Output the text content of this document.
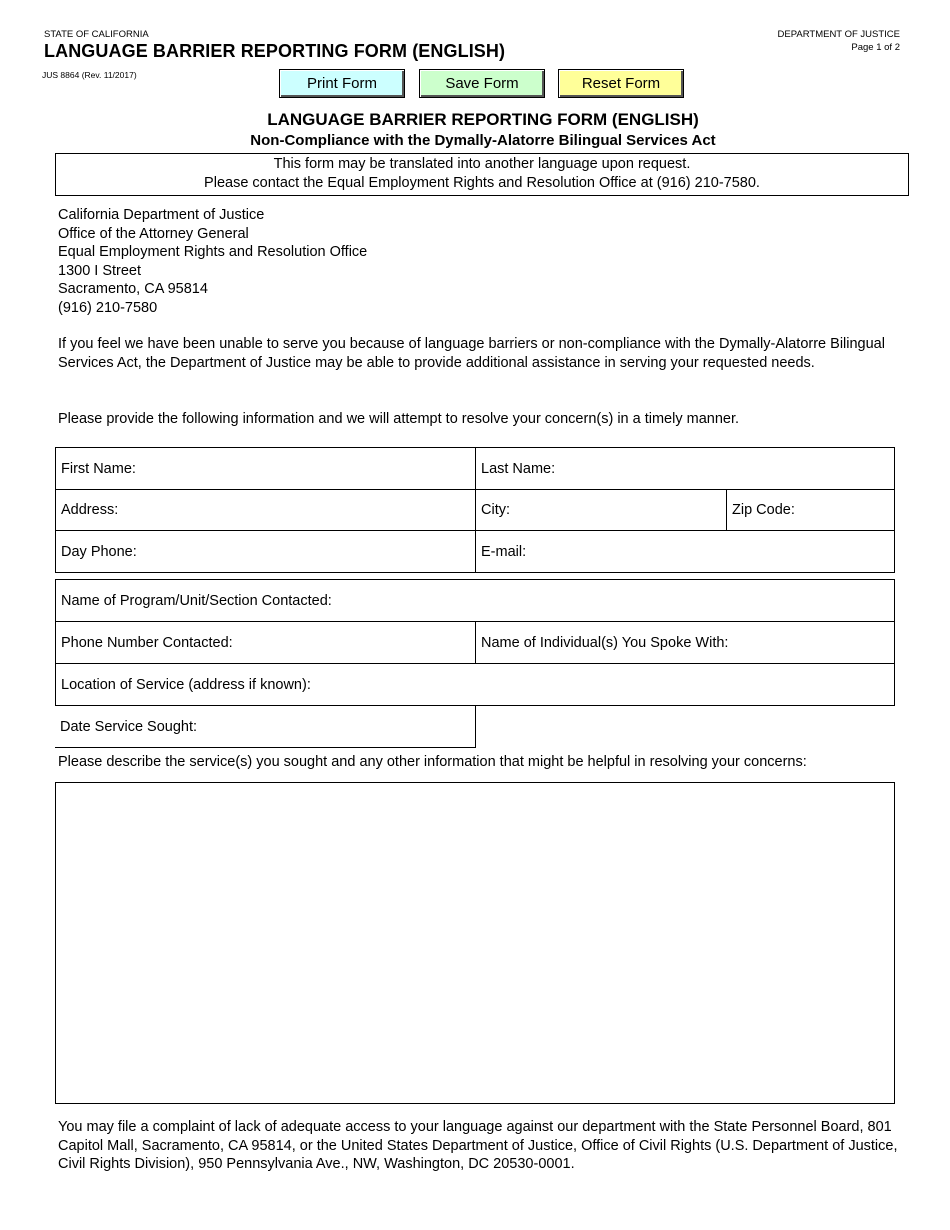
STATE OF CALIFORNIA
LANGUAGE BARRIER REPORTING FORM (ENGLISH)
JUS 8864 (Rev. 11/2017)
DEPARTMENT OF JUSTICE
Page 1 of 2
Print Form	Save Form	Reset Form
LANGUAGE BARRIER REPORTING FORM (ENGLISH)
Non-Compliance with the Dymally-Alatorre Bilingual Services Act
This form may be translated into another language upon request.
Please contact the Equal Employment Rights and Resolution Office at (916) 210-7580.
California Department of Justice
Office of the Attorney General
Equal Employment Rights and Resolution Office
1300 I Street
Sacramento, CA 95814
(916) 210-7580
If you feel we have been unable to serve you because of language barriers or non-compliance with the Dymally-Alatorre Bilingual Services Act, the Department of Justice may be able to provide additional assistance in serving your requested needs.
Please provide the following information and we will attempt to resolve your concern(s) in a timely manner.
First Name:	Last Name:
Address:	City:	Zip Code:
Day Phone:	E-mail:
Name of Program/Unit/Section Contacted:
Phone Number Contacted:	Name of Individual(s) You Spoke With:
Location of Service (address if known):
Date Service Sought:
Please describe the service(s) you sought and any other information that might be helpful in resolving your concerns:
You may file a complaint of lack of adequate access to your language against our department with the State Personnel Board, 801 Capitol Mall, Sacramento, CA 95814, or the United States Department of Justice, Office of Civil Rights (U.S. Department of Justice, Civil Rights Division), 950 Pennsylvania Ave., NW, Washington, DC 20530-0001.
